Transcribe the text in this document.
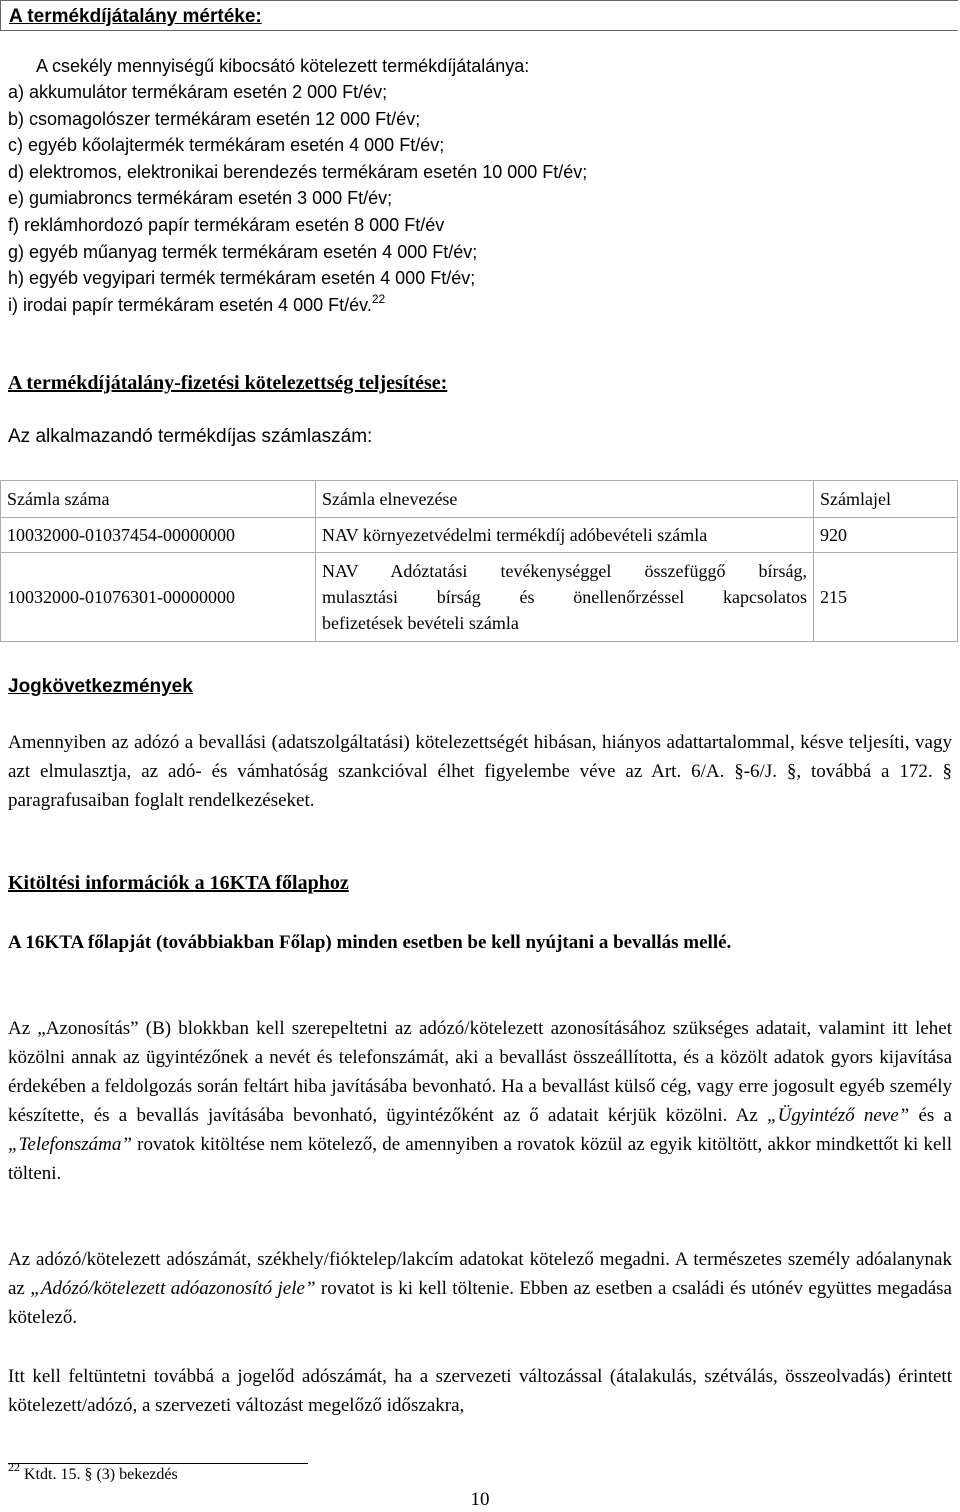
A termékdíjátalány mértéke:
A csekély mennyiségű kibocsátó kötelezett termékdíjátalánya:
a) akkumulátor termékáram esetén 2 000 Ft/év;
b) csomagolószer termékáram esetén 12 000 Ft/év;
c) egyéb kőolajtermék termékáram esetén 4 000 Ft/év;
d) elektromos, elektronikai berendezés termékáram esetén 10 000 Ft/év;
e) gumiabroncs termékáram esetén 3 000 Ft/év;
f) reklámhordozó papír termékáram esetén 8 000 Ft/év
g) egyéb műanyag termék termékáram esetén 4 000 Ft/év;
h) egyéb vegyipari termék termékáram esetén 4 000 Ft/év;
i) irodai papír termékáram esetén 4 000 Ft/év.$^{22}$
A termékdíjátalány-fizetési kötelezettség teljesítése:
Az alkalmazandó termékdíjas számlaszám:
Számla száma	Számla elnevezése	Számlajel
10032000-01037454-00000000	NAV környezetvédelmi termékdíj adóbevételi számla	920
10032000-01076301-00000000	NAV Adóztatási tevékenységgel összefüggő bírság,
mulasztási bírság és önellenőrzéssel kapcsolatos
befizetések bevételi számla	215
Jogkövetkezmények
Amennyiben az adózó a bevallási (adatszolgáltatási) kötelezettségét hibásan, hiányos adattartalommal, késve teljesíti, vagy azt elmulasztja, az adó- és vámhatóság szankcióval élhet figyelembe véve az Art. 6/A. §-6/J. §, továbbá a 172. § paragrafusaiban foglalt rendelkezéseket.
Kitöltési információk a 16KTA főlaphoz
A 16KTA főlapját (továbbiakban Főlap) minden esetben be kell nyújtani a bevallás mellé.
Az „Azonosítás” (B) blokkban kell szerepeltetni az adózó/kötelezett azonosításához szükséges adatait, valamint itt lehet közölni annak az ügyintézőnek a nevét és telefonszámát, aki a bevallást összeállította, és a közölt adatok gyors kijavítása érdekében a feldolgozás során feltárt hiba javításába bevonható. Ha a bevallást külső cég, vagy erre jogosult egyéb személy készítette, és a bevallás javításába bevonható, ügyintézőként az ő adatait kérjük közölni. Az „Ügyintéző neve” és a „Telefonszáma” rovatok kitöltése nem kötelező, de amennyiben a rovatok közül az egyik kitöltött, akkor mindkettőt ki kell tölteni.
Az adózó/kötelezett adószámát, székhely/fióktelep/lakcím adatokat kötelező megadni. A természetes személy adóalanynak az „Adózó/kötelezett adóazonosító jele” rovatot is ki kell töltenie. Ebben az esetben a családi és utónév együttes megadása kötelező.
Itt kell feltüntetni továbbá a jogelőd adószámát, ha a szervezeti változással (átalakulás, szétválás, összeolvadás) érintett kötelezett/adózó, a szervezeti változást megelőző időszakra,
$^{22}$ Ktdt. 15. § (3) bekezdés
10
